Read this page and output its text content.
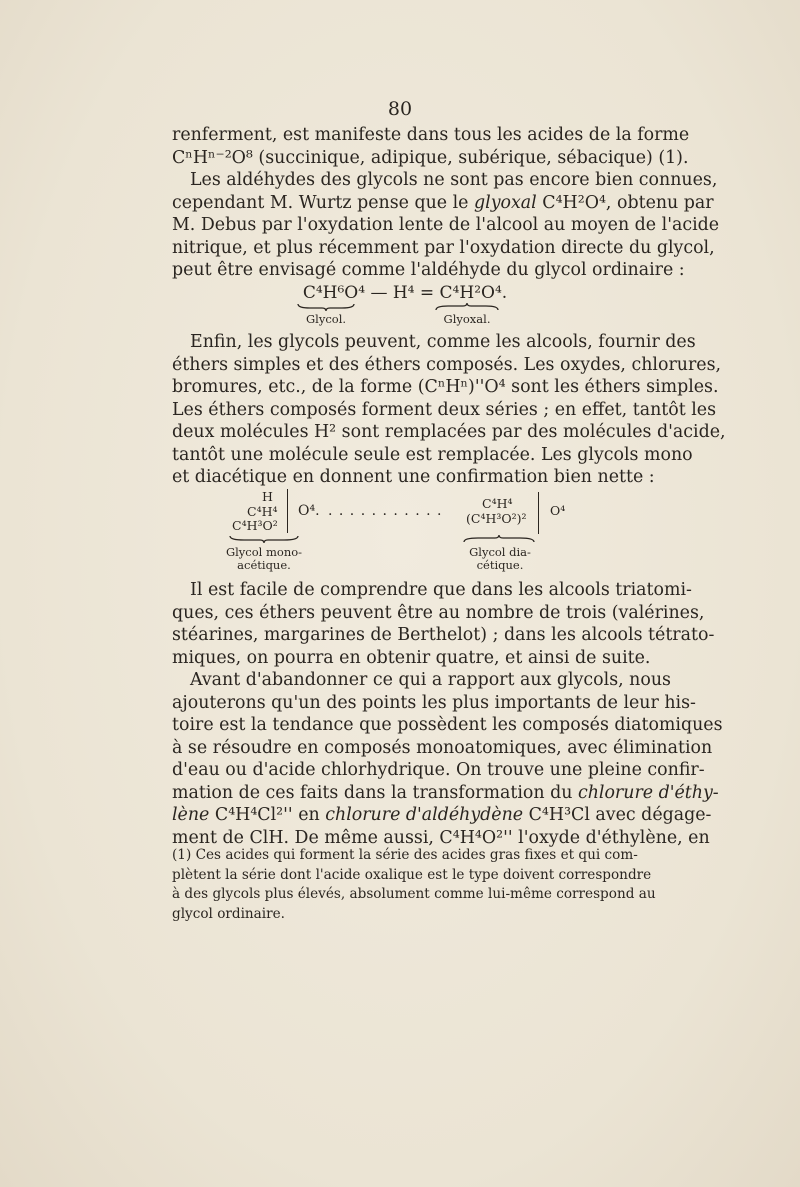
80
renferment, est manifeste dans tous les acides de la forme
CⁿHⁿ⁻²O⁸ (succinique, adipique, subérique, sébacique) (1).
Les aldéhydes des glycols ne sont pas encore bien connues,
cependant M. Wurtz pense que le glyoxal C⁴H²O⁴, obtenu par
M. Debus par l'oxydation lente de l'alcool au moyen de l'acide
nitrique, et plus récemment par l'oxydation directe du glycol,
peut être envisagé comme l'aldéhyde du glycol ordinaire :
C⁴H⁶O⁴ — H⁴ = C⁴H²O⁴.
Glycol.	Glyoxal.
Enfin, les glycols peuvent, comme les alcools, fournir des
éthers simples et des éthers composés. Les oxydes, chlorures,
bromures, etc., de la forme (CⁿHⁿ)''O⁴ sont les éthers simples.
Les éthers composés forment deux séries ; en effet, tantôt les
deux molécules H² sont remplacées par des molécules d'acide,
tantôt une molécule seule est remplacée. Les glycols mono
et diacétique en donnent une confirmation bien nette :
H
C⁴H⁴
C⁴H³O²
O⁴. . . . . . . . . . . .	C⁴H⁴
(C⁴H³O²)²
O⁴
Glycol mono-
acétique.
Glycol dia-
cétique.
Il est facile de comprendre que dans les alcools triatomi-
ques, ces éthers peuvent être au nombre de trois (valérines,
stéarines, margarines de Berthelot) ; dans les alcools tétrato-
miques, on pourra en obtenir quatre, et ainsi de suite.
Avant d'abandonner ce qui a rapport aux glycols, nous
ajouterons qu'un des points les plus importants de leur his-
toire est la tendance que possèdent les composés diatomiques
à se résoudre en composés monoatomiques, avec élimination
d'eau ou d'acide chlorhydrique. On trouve une pleine confir-
mation de ces faits dans la transformation du chlorure d'éthy-
lène C⁴H⁴Cl²'' en chlorure d'aldéhydène C⁴H³Cl avec dégage-
ment de ClH. De même aussi, C⁴H⁴O²'' l'oxyde d'éthylène, en
(1) Ces acides qui forment la série des acides gras fixes et qui com-
plètent la série dont l'acide oxalique est le type doivent correspondre
à des glycols plus élevés, absolument comme lui-même correspond au
glycol ordinaire.
